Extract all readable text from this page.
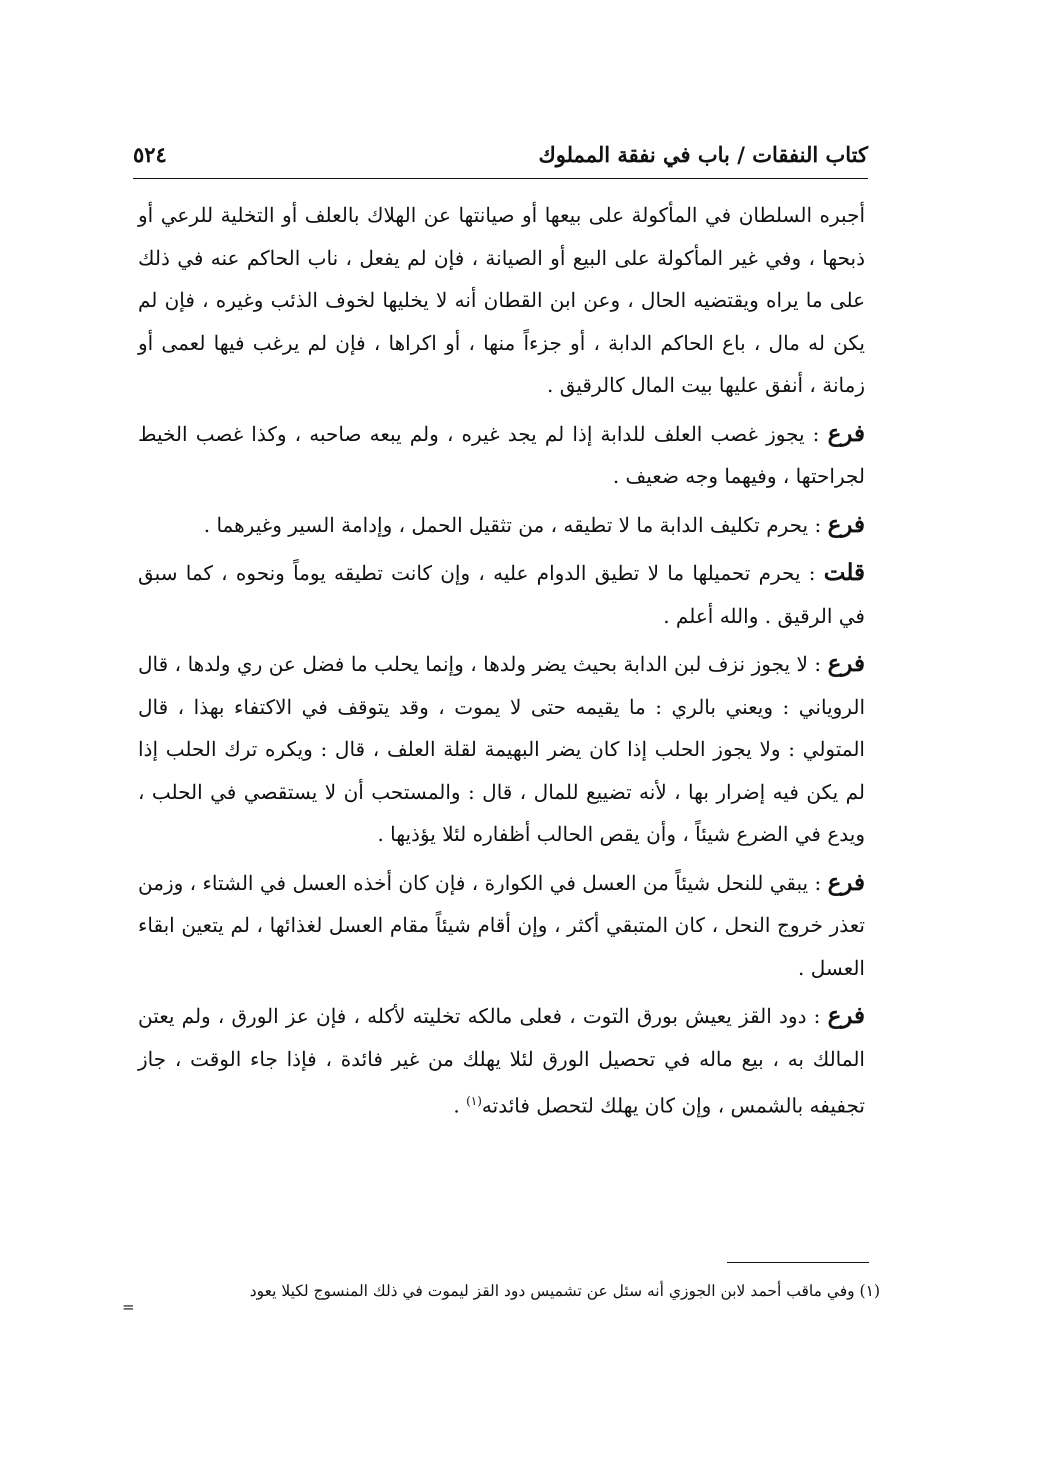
كتاب النفقات / باب في نفقة المملوك
٥٢٤

أجبره السلطان في المأكولة على بيعها أو صيانتها عن الهلاك بالعلف أو التخلية للرعي أو ذبحها ، وفي غير المأكولة على البيع أو الصيانة ، فإن لم يفعل ، ناب الحاكم عنه في ذلك على ما يراه ويقتضيه الحال ، وعن ابن القطان أنه لا يخليها لخوف الذئب وغيره ، فإن لم يكن له مال ، باع الحاكم الدابة ، أو جزءاً منها ، أو اكراها ، فإن لم يرغب فيها لعمى أو زمانة ، أنفق عليها بيت المال كالرقيق .

فرع : يجوز غصب العلف للدابة إذا لم يجد غيره ، ولم يبعه صاحبه ، وكذا غصب الخيط لجراحتها ، وفيهما وجه ضعيف .

فرع : يحرم تكليف الدابة ما لا تطيقه ، من تثقيل الحمل ، وإدامة السير وغيرهما .

قلت : يحرم تحميلها ما لا تطيق الدوام عليه ، وإن كانت تطيقه يوماً ونحوه ، كما سبق في الرقيق . والله أعلم .

فرع : لا يجوز نزف لبن الدابة بحيث يضر ولدها ، وإنما يحلب ما فضل عن ري ولدها ، قال الروياني : ويعني بالري : ما يقيمه حتى لا يموت ، وقد يتوقف في الاكتفاء بهذا ، قال المتولي : ولا يجوز الحلب إذا كان يضر البهيمة لقلة العلف ، قال : ويكره ترك الحلب إذا لم يكن فيه إضرار بها ، لأنه تضييع للمال ، قال : والمستحب أن لا يستقصي في الحلب ، ويدع في الضرع شيئاً ، وأن يقص الحالب أظفاره لئلا يؤذيها .

فرع : يبقي للنحل شيئاً من العسل في الكوارة ، فإن كان أخذه العسل في الشتاء ، وزمن تعذر خروج النحل ، كان المتبقي أكثر ، وإن أقام شيئاً مقام العسل لغذائها ، لم يتعين ابقاء العسل .

فرع : دود القز يعيش بورق التوت ، فعلى مالكه تخليته لأكله ، فإن عز الورق ، ولم يعتن المالك به ، بيع ماله في تحصيل الورق لئلا يهلك من غير فائدة ، فإذا جاء الوقت ، جاز تجفيفه بالشمس ، وإن كان يهلك لتحصل فائدته$^{(١)}$ .

(١) وفي ماقب أحمد لابن الجوزي أنه سئل عن تشميس دود القز ليموت في ذلك المنسوج لكيلا يعود
=
